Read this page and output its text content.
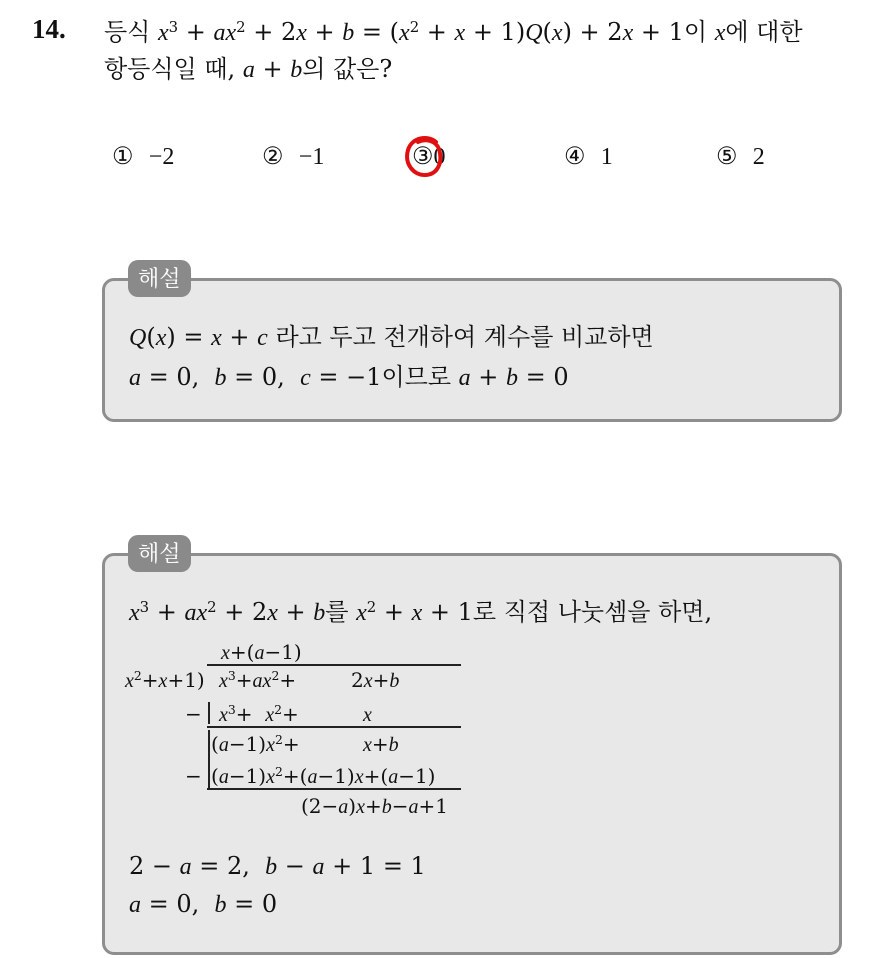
14. 등식 $x^3 + ax^2 + 2x + b = (x^2 + x + 1)Q(x) + 2x + 1$이 x에 대한
항등식일 때, a + b의 값은?
① −2	② −1	③0	④ 1	⑤ 2
Q(x) = x + c 라고 두고 전개하여 계수를 비교하면
a = 0,  b = 0,  c = −1이므로 a + b = 0
해설
$x^3 + ax^2 + 2x + b$를 $x^2 + x + 1$로 직접 나눗셈을 하면,
x+(a−1)
$x^2+x+1$) $x^3+ax^2+$	2x+b
− $x^3+ x^2+$	x
$(a-1)x^2+$	x+b
− $(a-1)x^2+(a-1)x+(a-1)$
(2−a)x+b−a+1
2 − a = 2,  b − a + 1 = 1
a = 0,  b = 0
해설
